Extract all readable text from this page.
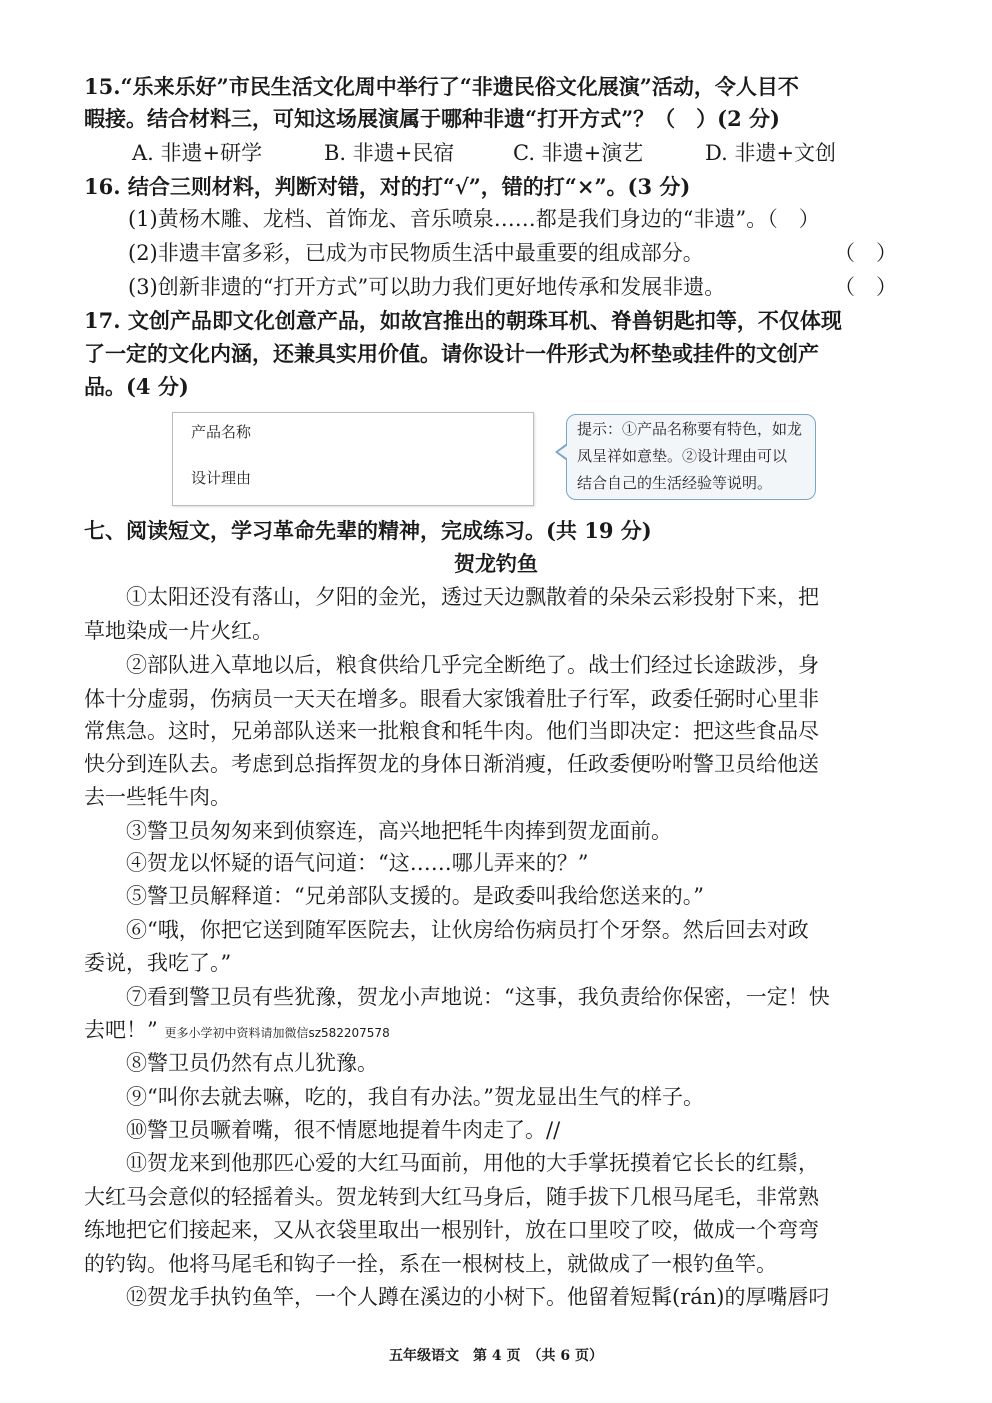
15.“乐来乐好”市民生活文化周中举行了“非遗民俗文化展演”活动，令人目不
暇接。结合材料三，可知这场展演属于哪种非遗“打开方式”？（　）(2 分)
A. 非遗+研学	B. 非遗+民宿	C. 非遗+演艺	D. 非遗+文创
16. 结合三则材料，判断对错，对的打“√”，错的打“×”。(3 分)
(1)黄杨木雕、龙档、首饰龙、音乐喷泉……都是我们身边的“非遗”。（　）
(2)非遗丰富多彩，已成为市民物质生活中最重要的组成部分。	（　）
(3)创新非遗的“打开方式”可以助力我们更好地传承和发展非遗。	（　）
17. 文创产品即文化创意产品，如故宫推出的朝珠耳机、脊兽钥匙扣等，不仅体现
了一定的文化内涵，还兼具实用价值。请你设计一件形式为杯垫或挂件的文创产
品。(4 分)
产品名称
设计理由
提示：①产品名称要有特色，如龙
凤呈祥如意垫。②设计理由可以
结合自己的生活经验等说明。
七、阅读短文，学习革命先辈的精神，完成练习。(共 19 分)
贺龙钓鱼
　　①太阳还没有落山，夕阳的金光，透过天边飘散着的朵朵云彩投射下来，把
草地染成一片火红。
　　②部队进入草地以后，粮食供给几乎完全断绝了。战士们经过长途跋涉，身
体十分虚弱，伤病员一天天在增多。眼看大家饿着肚子行军，政委任弼时心里非
常焦急。这时，兄弟部队送来一批粮食和牦牛肉。他们当即决定：把这些食品尽
快分到连队去。考虑到总指挥贺龙的身体日渐消瘦，任政委便吩咐警卫员给他送
去一些牦牛肉。
　　③警卫员匆匆来到侦察连，高兴地把牦牛肉捧到贺龙面前。
　　④贺龙以怀疑的语气问道：“这……哪儿弄来的？”
　　⑤警卫员解释道：“兄弟部队支援的。是政委叫我给您送来的。”
　　⑥“哦，你把它送到随军医院去，让伙房给伤病员打个牙祭。然后回去对政
委说，我吃了。”
　　⑦看到警卫员有些犹豫，贺龙小声地说：“这事，我负责给你保密，一定！快
去吧！” 更多小学初中资料请加微信sz582207578
　　⑧警卫员仍然有点儿犹豫。
　　⑨“叫你去就去嘛，吃的，我自有办法。”贺龙显出生气的样子。
　　⑩警卫员噘着嘴，很不情愿地提着牛肉走了。//
　　⑪贺龙来到他那匹心爱的大红马面前，用他的大手掌抚摸着它长长的红鬃，
大红马会意似的轻摇着头。贺龙转到大红马身后，随手拔下几根马尾毛，非常熟
练地把它们接起来，又从衣袋里取出一根别针，放在口里咬了咬，做成一个弯弯
的钓钩。他将马尾毛和钩子一拴，系在一根树枝上，就做成了一根钓鱼竿。
　　⑫贺龙手执钓鱼竿，一个人蹲在溪边的小树下。他留着短髯(rán)的厚嘴唇叼
五年级语文　第 4 页　（共 6 页）
